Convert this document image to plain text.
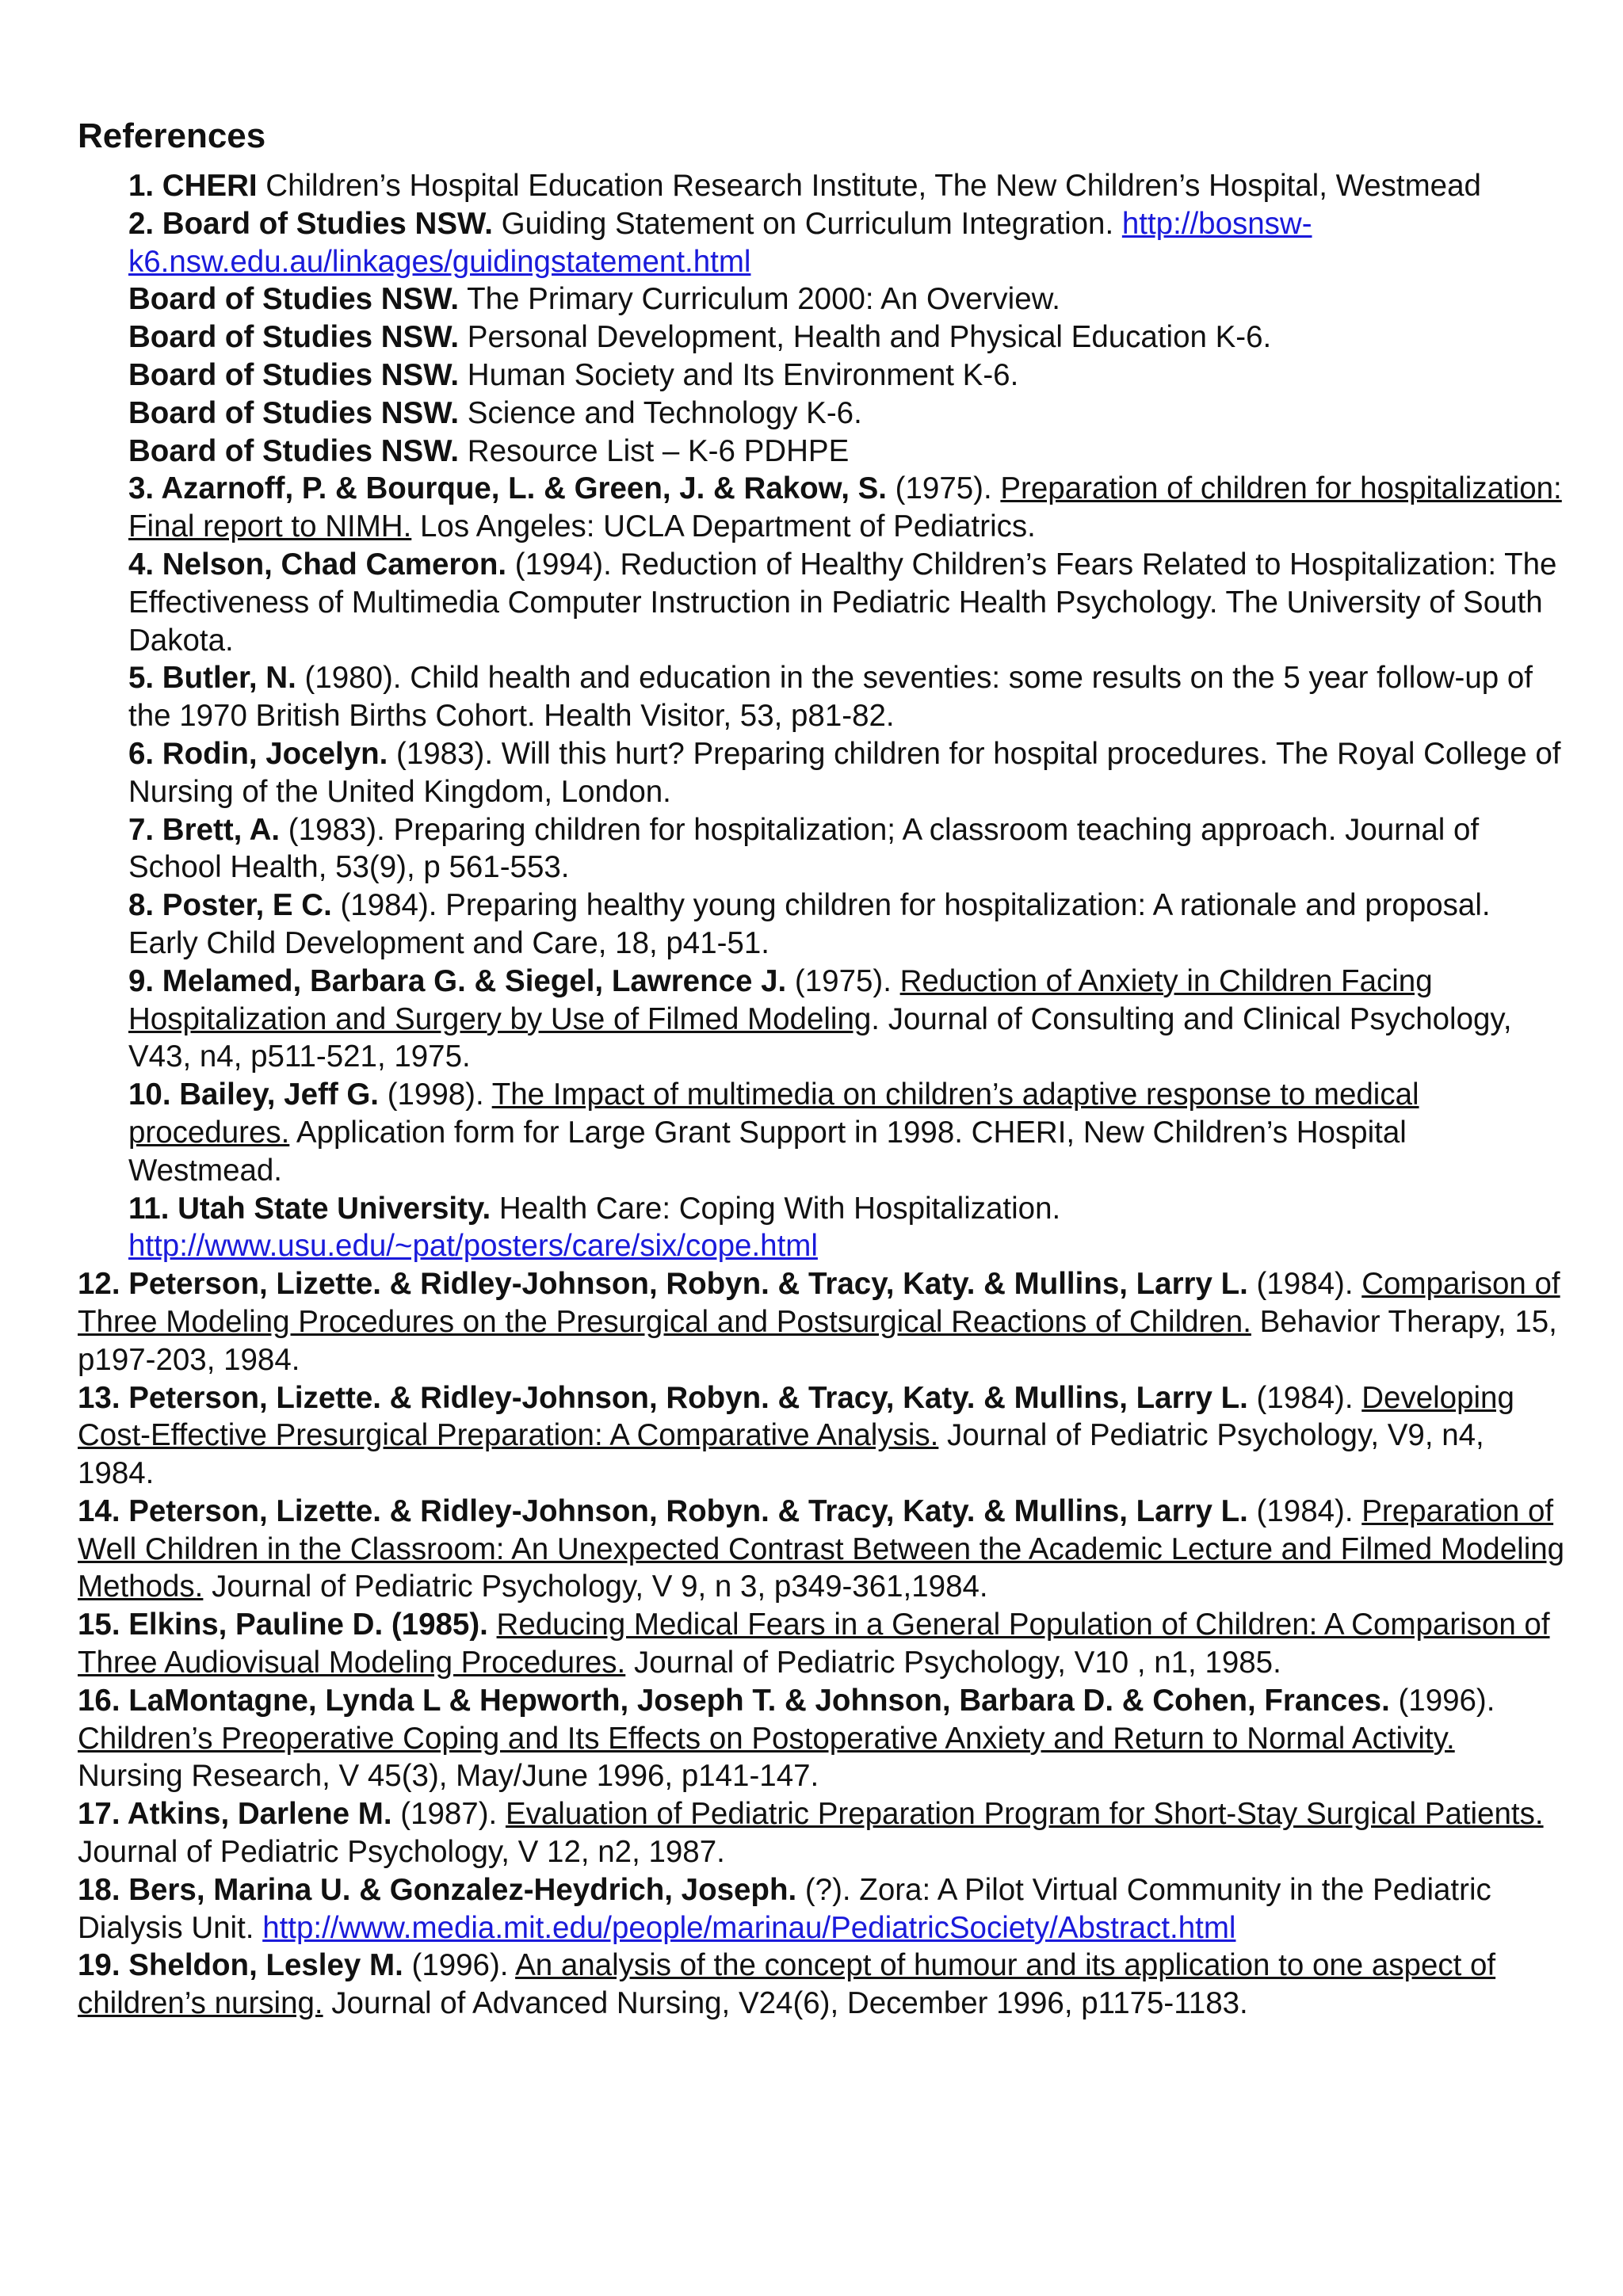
References
1. CHERI Children’s Hospital Education Research Institute, The New Children’s Hospital, Westmead
2. Board of Studies NSW. Guiding Statement on Curriculum Integration. http://bosnsw-k6.nsw.edu.au/linkages/guidingstatement.html
Board of Studies NSW. The Primary Curriculum 2000: An Overview.
Board of Studies NSW. Personal Development, Health and Physical Education K-6.
Board of Studies NSW. Human Society and Its Environment K-6.
Board of Studies NSW. Science and Technology K-6.
Board of Studies NSW. Resource List – K-6 PDHPE
3. Azarnoff, P. & Bourque, L. & Green, J. & Rakow, S. (1975). Preparation of children for hospitalization: Final report to NIMH. Los Angeles: UCLA Department of Pediatrics.
4. Nelson, Chad Cameron. (1994). Reduction of Healthy Children’s Fears Related to Hospitalization: The Effectiveness of Multimedia Computer Instruction in Pediatric Health Psychology. The University of South Dakota.
5. Butler, N. (1980). Child health and education in the seventies: some results on the 5 year follow-up of the 1970 British Births Cohort. Health Visitor, 53, p81-82.
6. Rodin, Jocelyn. (1983). Will this hurt? Preparing children for hospital procedures. The Royal College of Nursing of the United Kingdom, London.
7. Brett, A. (1983). Preparing children for hospitalization; A classroom teaching approach. Journal of School Health, 53(9), p 561-553.
8. Poster, E C. (1984). Preparing healthy young children for hospitalization: A rationale and proposal. Early Child Development and Care, 18, p41-51.
9. Melamed, Barbara G. & Siegel, Lawrence J. (1975). Reduction of Anxiety in Children Facing Hospitalization and Surgery by Use of Filmed Modeling. Journal of Consulting and Clinical Psychology, V43, n4, p511-521, 1975.
10. Bailey, Jeff G. (1998). The Impact of multimedia on children’s adaptive response to medical procedures. Application form for Large Grant Support in 1998. CHERI, New Children’s Hospital Westmead.
11. Utah State University. Health Care: Coping With Hospitalization. http://www.usu.edu/~pat/posters/care/six/cope.html
12. Peterson, Lizette. & Ridley-Johnson, Robyn. & Tracy, Katy. & Mullins, Larry L. (1984). Comparison of Three Modeling Procedures on the Presurgical and Postsurgical Reactions of Children. Behavior Therapy, 15, p197-203, 1984.
13. Peterson, Lizette. & Ridley-Johnson, Robyn. & Tracy, Katy. & Mullins, Larry L. (1984). Developing Cost-Effective Presurgical Preparation: A Comparative Analysis. Journal of Pediatric Psychology, V9, n4, 1984.
14. Peterson, Lizette. & Ridley-Johnson, Robyn. & Tracy, Katy. & Mullins, Larry L. (1984). Preparation of Well Children in the Classroom: An Unexpected Contrast Between the Academic Lecture and Filmed Modeling Methods. Journal of Pediatric Psychology, V 9, n 3, p349-361,1984.
15. Elkins, Pauline D. (1985). Reducing Medical Fears in a General Population of Children: A Comparison of Three Audiovisual Modeling Procedures. Journal of Pediatric Psychology, V10 , n1, 1985.
16. LaMontagne, Lynda L & Hepworth, Joseph T. & Johnson, Barbara D. & Cohen, Frances. (1996). Children’s Preoperative Coping and Its Effects on Postoperative Anxiety and Return to Normal Activity. Nursing Research, V 45(3), May/June 1996, p141-147.
17. Atkins, Darlene M. (1987). Evaluation of Pediatric Preparation Program for Short-Stay Surgical Patients. Journal of Pediatric Psychology, V 12, n2, 1987.
18. Bers, Marina U. & Gonzalez-Heydrich, Joseph. (?). Zora: A Pilot Virtual Community in the Pediatric Dialysis Unit. http://www.media.mit.edu/people/marinau/PediatricSociety/Abstract.html
19. Sheldon, Lesley M. (1996). An analysis of the concept of humour and its application to one aspect of children’s nursing. Journal of Advanced Nursing, V24(6), December 1996, p1175-1183.
